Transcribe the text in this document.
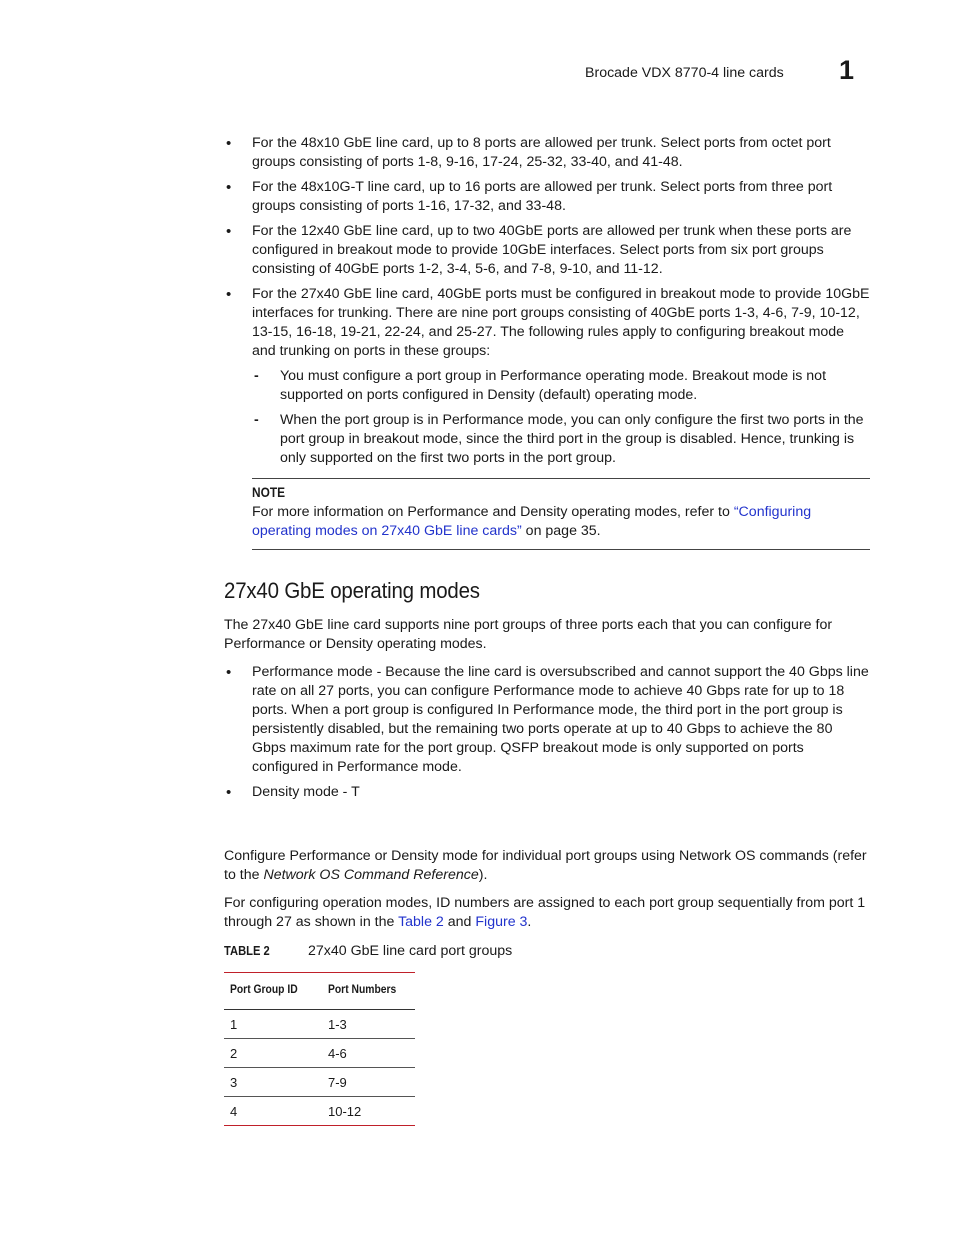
Brocade VDX 8770-4 line cards 1
• For the 48x10 GbE line card, up to 8 ports are allowed per trunk. Select ports from octet port groups consisting of ports 1-8, 9-16, 17-24, 25-32, 33-40, and 41-48.
• For the 48x10G-T line card, up to 16 ports are allowed per trunk. Select ports from three port groups consisting of ports 1-16, 17-32, and 33-48.
• For the 12x40 GbE line card, up to two 40GbE ports are allowed per trunk when these ports are configured in breakout mode to provide 10GbE interfaces. Select ports from six port groups consisting of 40GbE ports 1-2, 3-4, 5-6, and 7-8, 9-10, and 11-12.
• For the 27x40 GbE line card, 40GbE ports must be configured in breakout mode to provide 10GbE interfaces for trunking. There are nine port groups consisting of 40GbE ports 1-3, 4-6, 7-9, 10-12, 13-15, 16-18, 19-21, 22-24, and 25-27. The following rules apply to configuring breakout mode and trunking on ports in these groups:
- You must configure a port group in Performance operating mode. Breakout mode is not supported on ports configured in Density (default) operating mode.
- When the port group is in Performance mode, you can only configure the first two ports in the port group in breakout mode, since the third port in the group is disabled. Hence, trunking is only supported on the first two ports in the port group.
NOTE
For more information on Performance and Density operating modes, refer to “Configuring operating modes on 27x40 GbE line cards” on page 35.
27x40 GbE operating modes

The 27x40 GbE line card supports nine port groups of three ports each that you can configure for Performance or Density operating modes.

• Performance mode - Because the line card is oversubscribed and cannot support the 40 Gbps line rate on all 27 ports, you can configure Performance mode to achieve 40 Gbps rate for up to 18 ports. When a port group is configured In Performance mode, the third port in the port group is persistently disabled, but the remaining two ports operate at up to 40 Gbps to achieve the 80 Gbps maximum rate for the port group. QSFP breakout mode is only supported on ports configured in Performance mode.
• Density mode - T

Configure Performance or Density mode for individual port groups using Network OS commands (refer to the Network OS Command Reference).

For configuring operation modes, ID numbers are assigned to each port group sequentially from port 1 through 27 as shown in the Table 2 and Figure 3.

TABLE 2	27x40 GbE line card port groups
Port Group ID	Port Numbers
1	1-3
2	4-6
3	7-9
4	10-12
